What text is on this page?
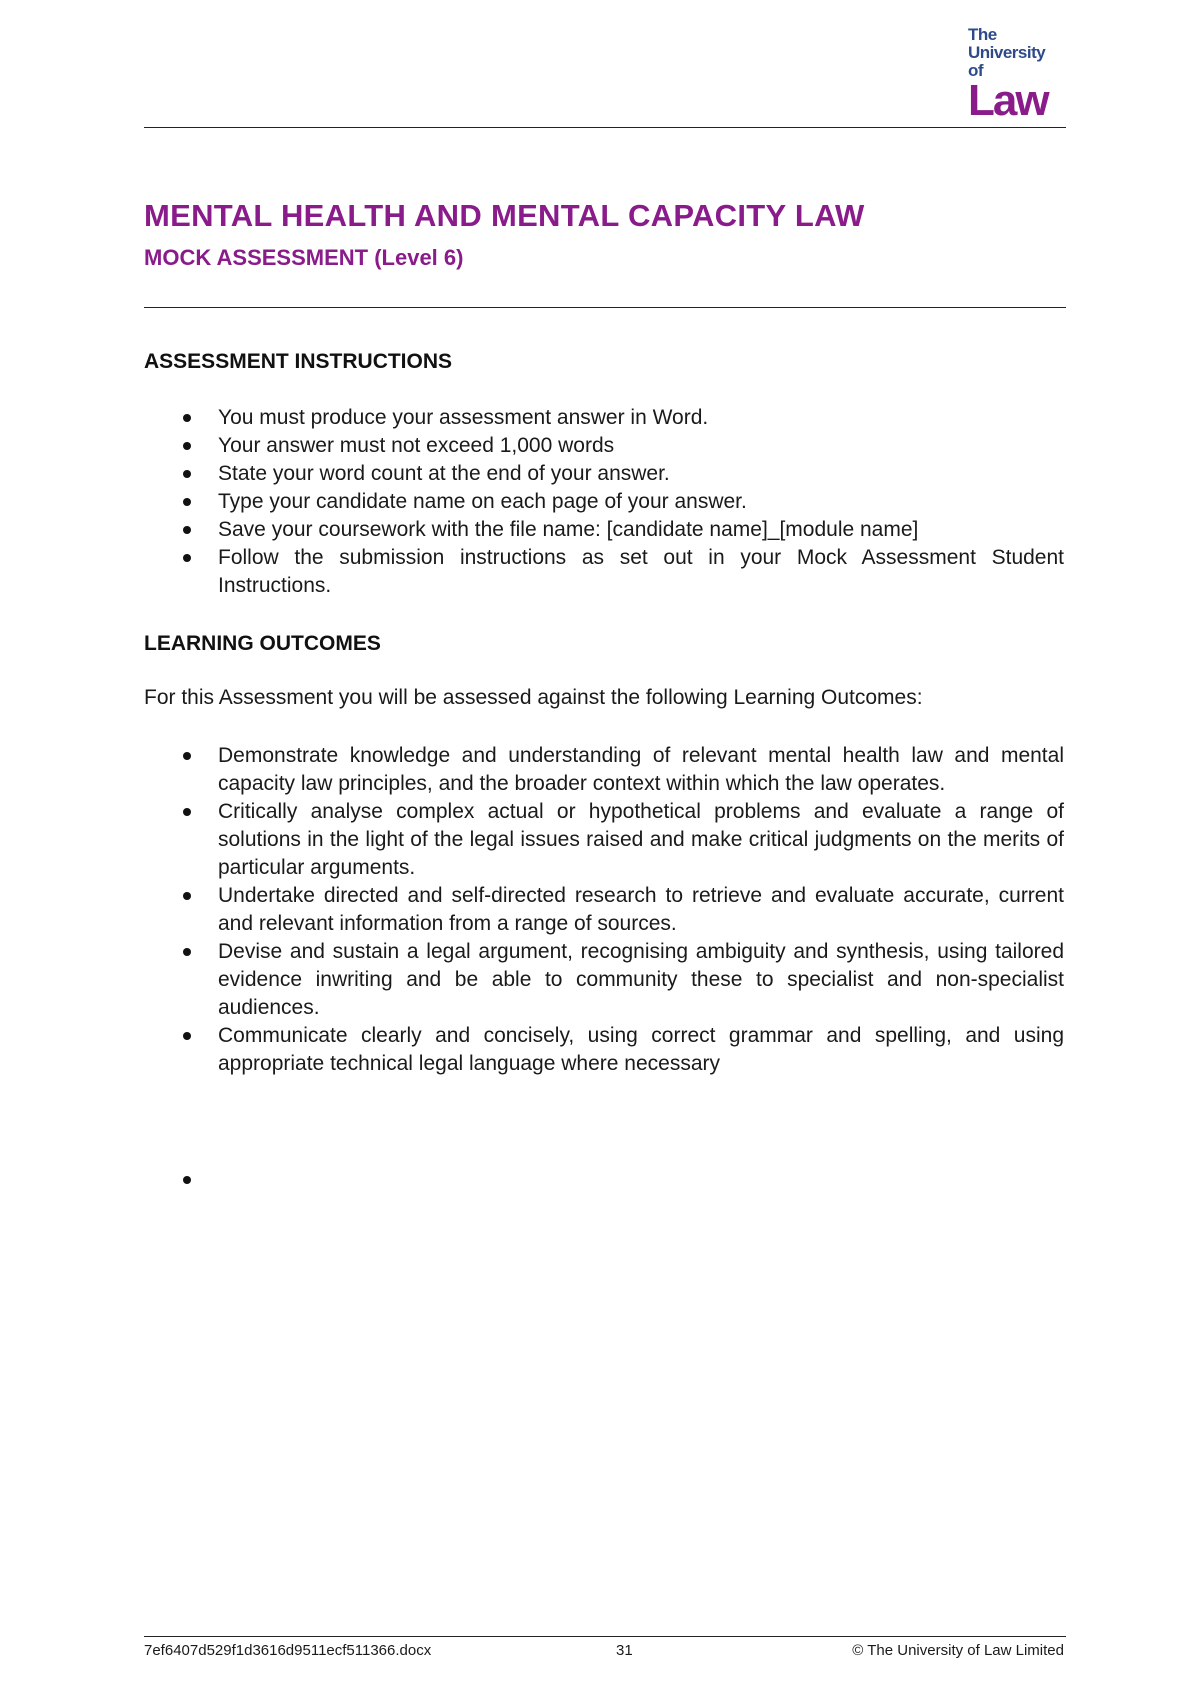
The
University of
Law
MENTAL HEALTH AND MENTAL CAPACITY LAW
MOCK ASSESSMENT (Level 6)
ASSESSMENT INSTRUCTIONS
You must produce your assessment answer in Word.
Your answer must not exceed 1,000 words
State your word count at the end of your answer.
Type your candidate name on each page of your answer.
Save your coursework with the file name: [candidate name]_[module name]
Follow the submission instructions as set out in your Mock Assessment Student Instructions.
LEARNING OUTCOMES

For this Assessment you will be assessed against the following Learning Outcomes:

Demonstrate knowledge and understanding of relevant mental health law and mental capacity law principles, and the broader context within which the law operates.
Critically analyse complex actual or hypothetical problems and evaluate a range of solutions in the light of the legal issues raised and make critical judgments on the merits of particular arguments.
Undertake directed and self-directed research to retrieve and evaluate accurate, current and relevant information from a range of sources.
Devise and sustain a legal argument, recognising ambiguity and synthesis, using tailored evidence inwriting and be able to community these to specialist and non-specialist audiences.
Communicate clearly and concisely, using correct grammar and spelling, and using appropriate technical legal language where necessary
7ef6407d529f1d3616d9511ecf511366.docx	31	© The University of Law Limited
